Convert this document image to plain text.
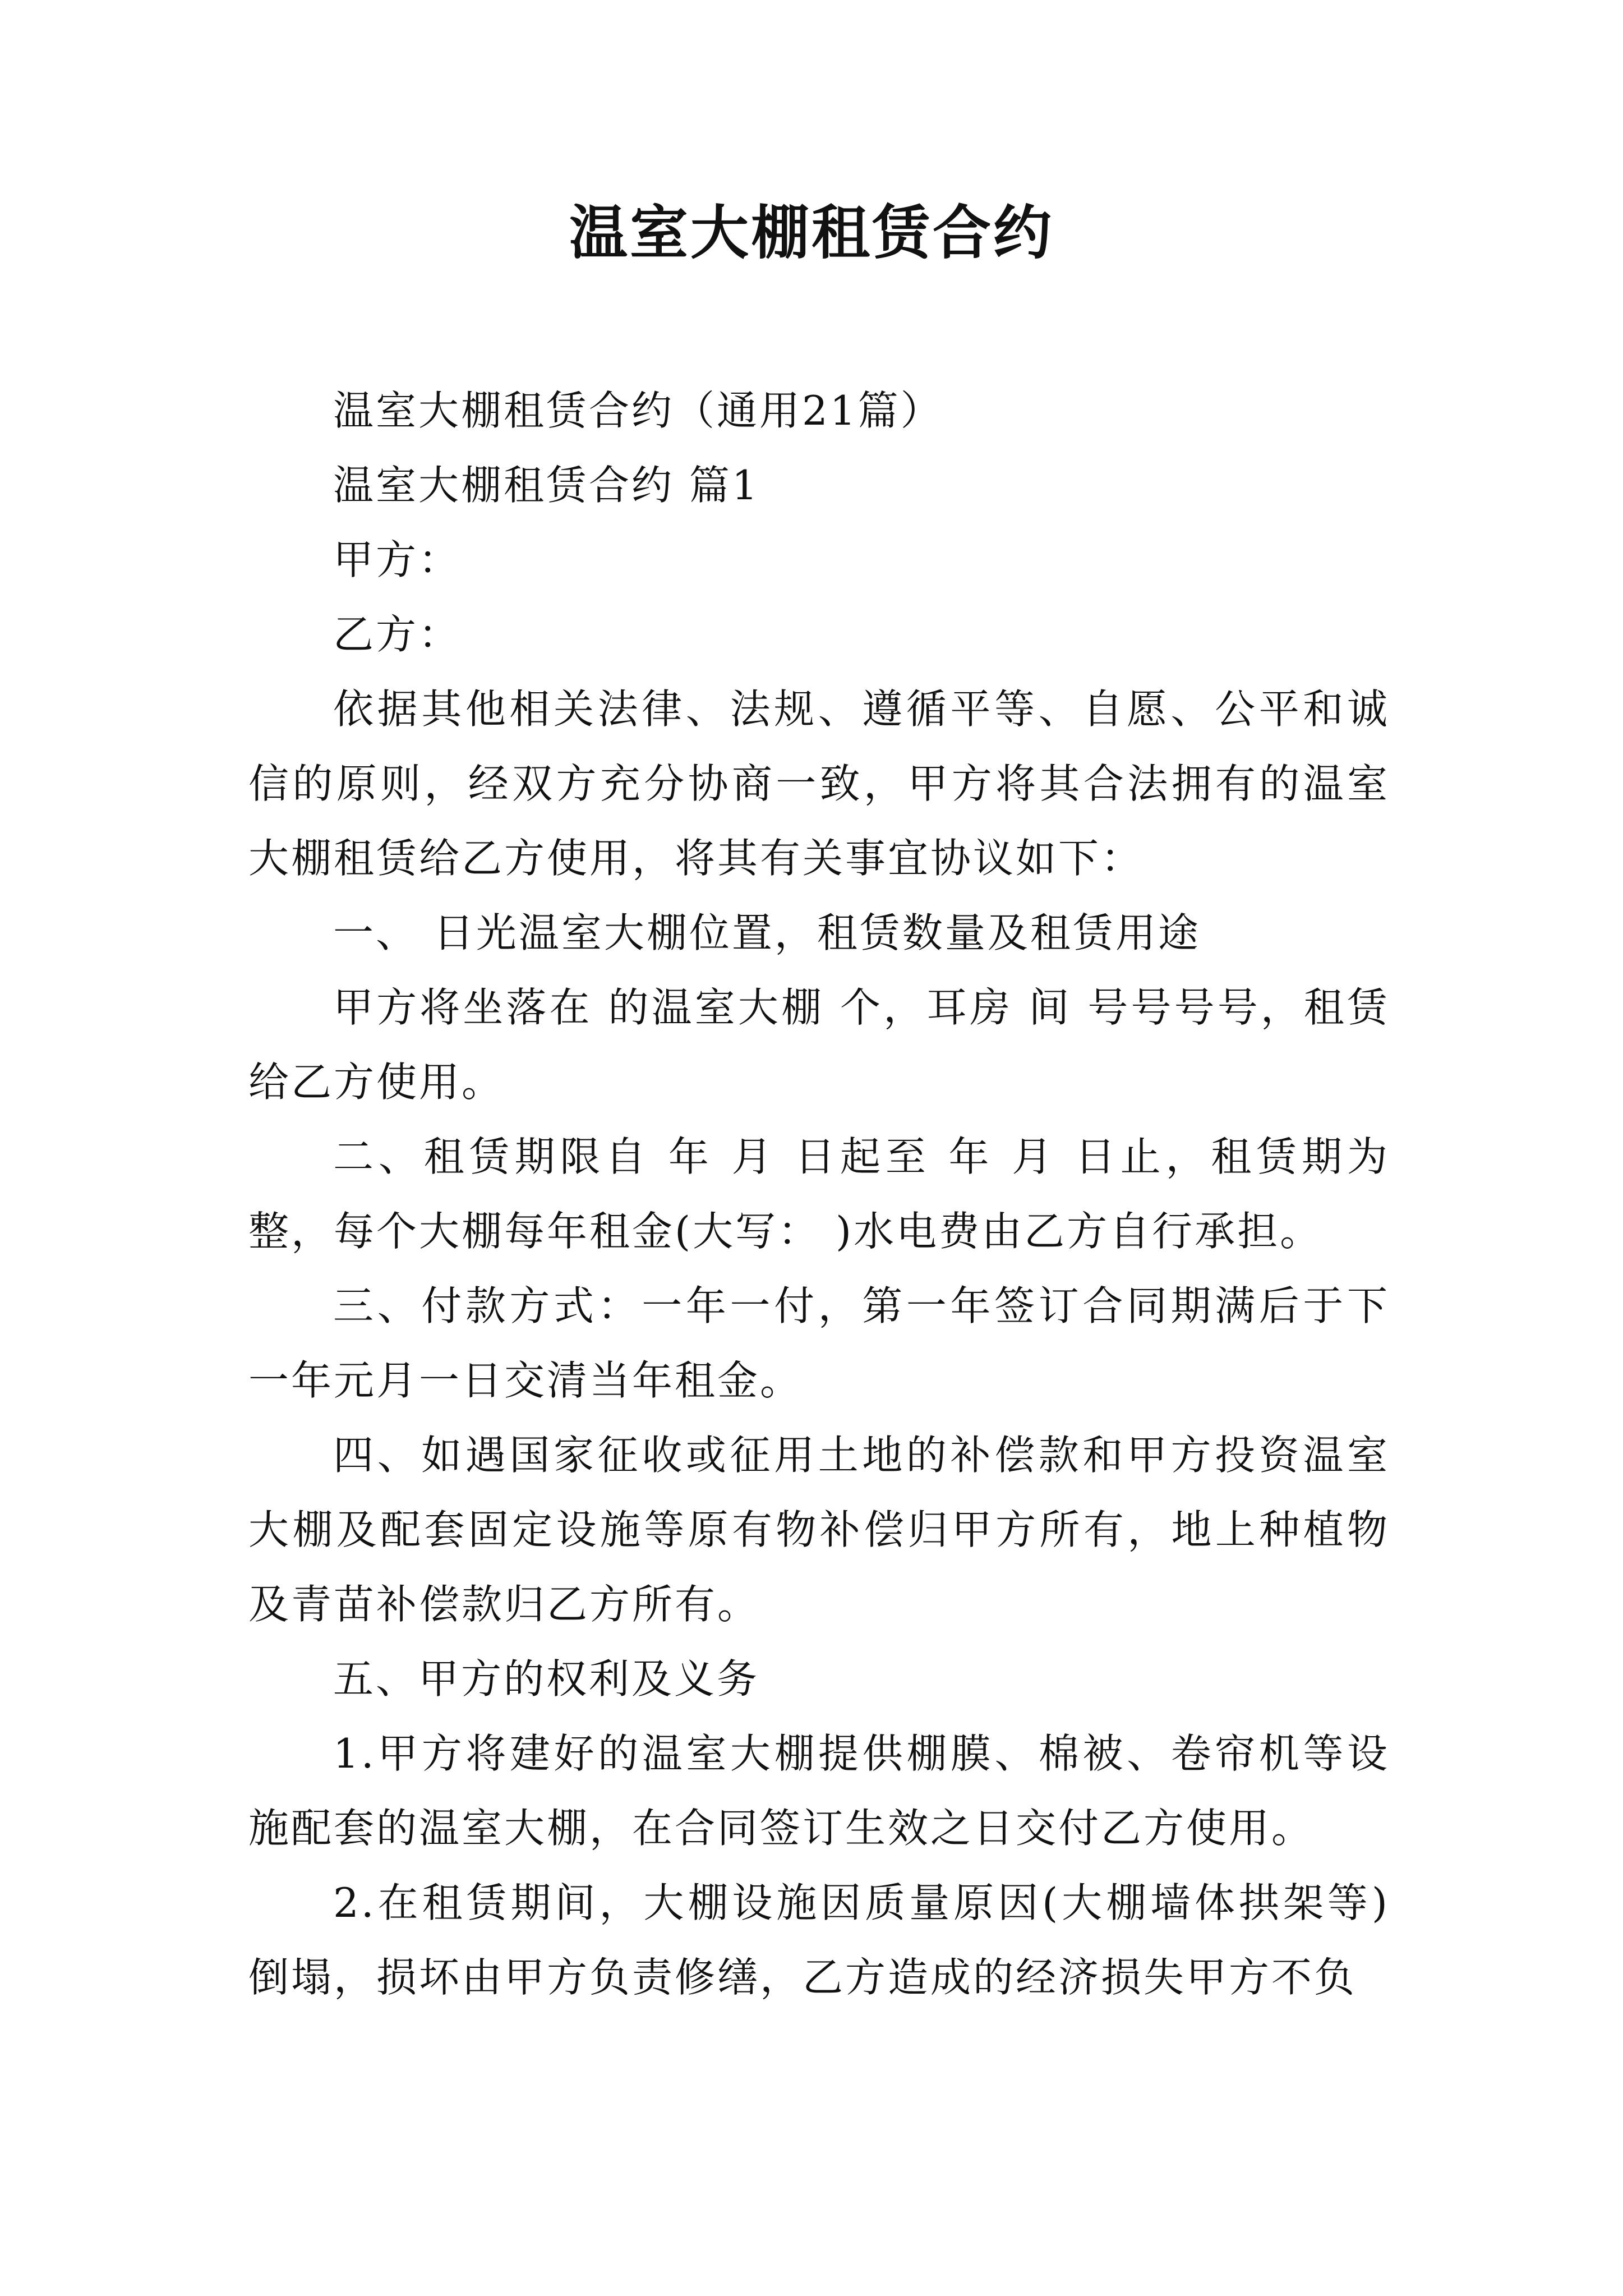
温室大棚租赁合约

温室大棚租赁合约（通用21篇）

温室大棚租赁合约 篇1

甲方：

乙方：

依据其他相关法律、法规、遵循平等、自愿、公平和诚信的原则，经双方充分协商一致，甲方将其合法拥有的温室大棚租赁给乙方使用，将其有关事宜协议如下：

一、 日光温室大棚位置，租赁数量及租赁用途

甲方将坐落在 的温室大棚 个，耳房 间 号号号号，租赁给乙方使用。

二、租赁期限自 年 月 日起至 年 月 日止，租赁期为整，每个大棚每年租金(大写： )水电费由乙方自行承担。

三、付款方式：一年一付，第一年签订合同期满后于下一年元月一日交清当年租金。

四、如遇国家征收或征用土地的补偿款和甲方投资温室大棚及配套固定设施等原有物补偿归甲方所有，地上种植物及青苗补偿款归乙方所有。

五、甲方的权利及义务

1.甲方将建好的温室大棚提供棚膜、棉被、卷帘机等设施配套的温室大棚，在合同签订生效之日交付乙方使用。

2.在租赁期间，大棚设施因质量原因(大棚墙体拱架等)倒塌，损坏由甲方负责修缮，乙方造成的经济损失甲方不负
